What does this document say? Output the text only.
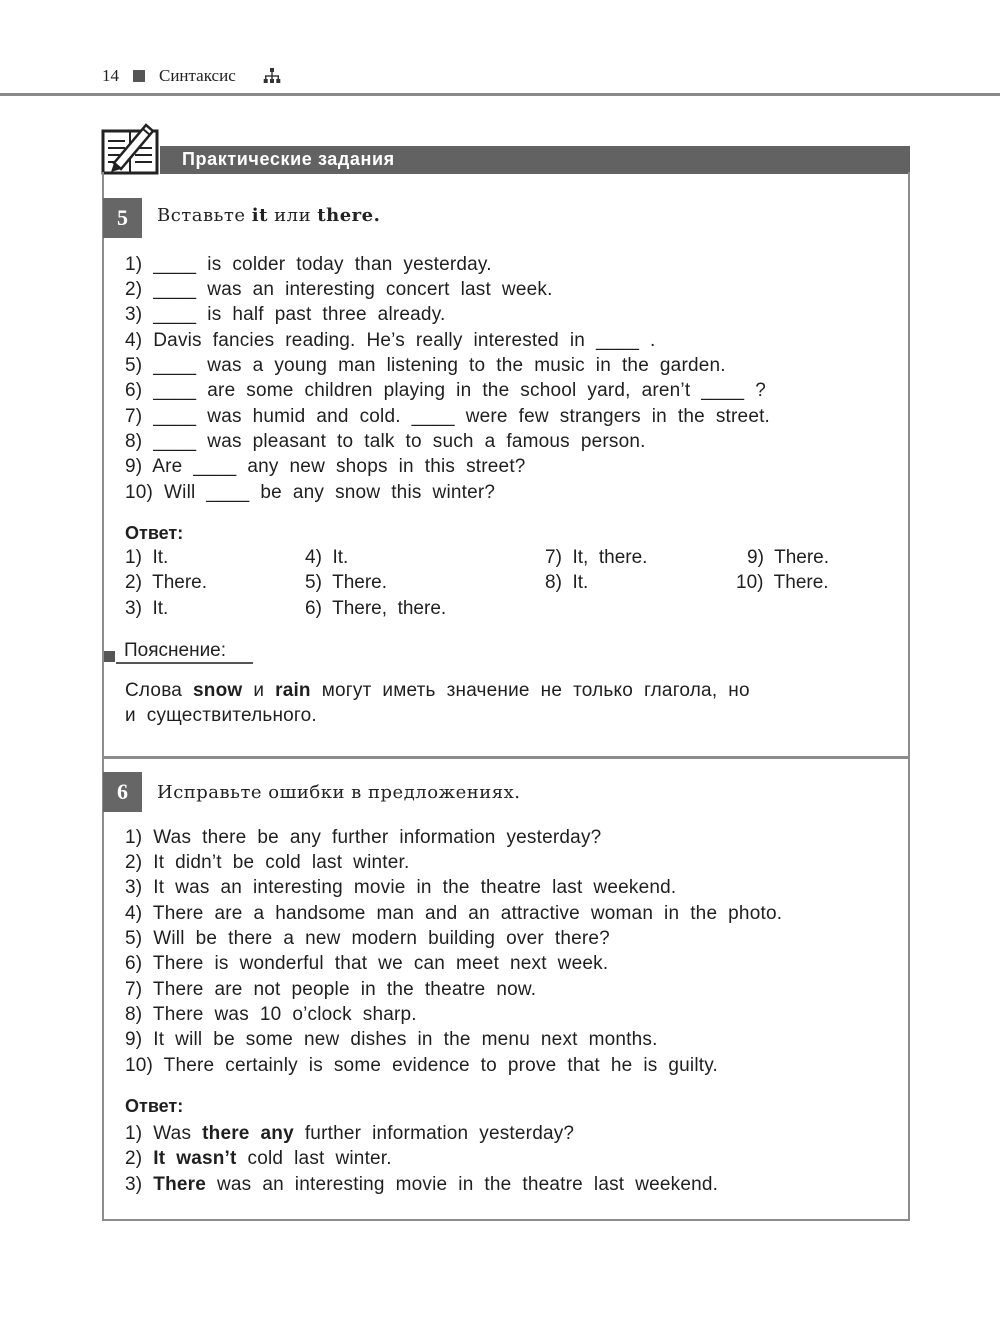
14 Синтаксис
Практические задания
5	Вставьте it или there.
1)  ____  is  colder  today  than  yesterday.
2)  ____  was  an  interesting  concert  last  week.
3)  ____  is  half  past  three  already.
4)  Davis  fancies  reading.  He’s  really  interested  in  ____  .
5)  ____  was  a  young  man  listening  to  the  music  in  the  garden.
6)  ____  are  some  children  playing  in  the  school  yard,  aren’t  ____  ?
7)  ____  was  humid  and  cold.  ____  were  few  strangers  in  the  street.
8)  ____  was  pleasant  to  talk  to  such  a  famous  person.
9)  Are  ____  any  new  shops  in  this  street?
10)  Will  ____  be  any  snow  this  winter?
Ответ:
1)  It.
2)  There.
3)  It.
4)  It.
5)  There.
6)  There,  there.
7)  It,  there.
8)  It.
9)  There.
10)  There.
Пояснение:
Слова  snow  и  rain  могут  иметь  значение  не  только  глагола,  но
и  существительного.
6	Исправьте ошибки в предложениях.
1)  Was  there  be  any  further  information  yesterday?
2)  It  didn’t  be  cold  last  winter.
3)  It  was  an  interesting  movie  in  the  theatre  last  weekend.
4)  There  are  a  handsome  man  and  an  attractive  woman  in  the  photo.
5)  Will  be  there  a  new  modern  building  over  there?
6)  There  is  wonderful  that  we  can  meet  next  week.
7)  There  are  not  people  in  the  theatre  now.
8)  There  was  10  o’clock  sharp.
9)  It  will  be  some  new  dishes  in  the  menu  next  months.
10)  There  certainly  is  some  evidence  to  prove  that  he  is  guilty.
Ответ:
1)  Was  there  any  further  information  yesterday?
2)  It  wasn’t  cold  last  winter.
3)  There  was  an  interesting  movie  in  the  theatre  last  weekend.
